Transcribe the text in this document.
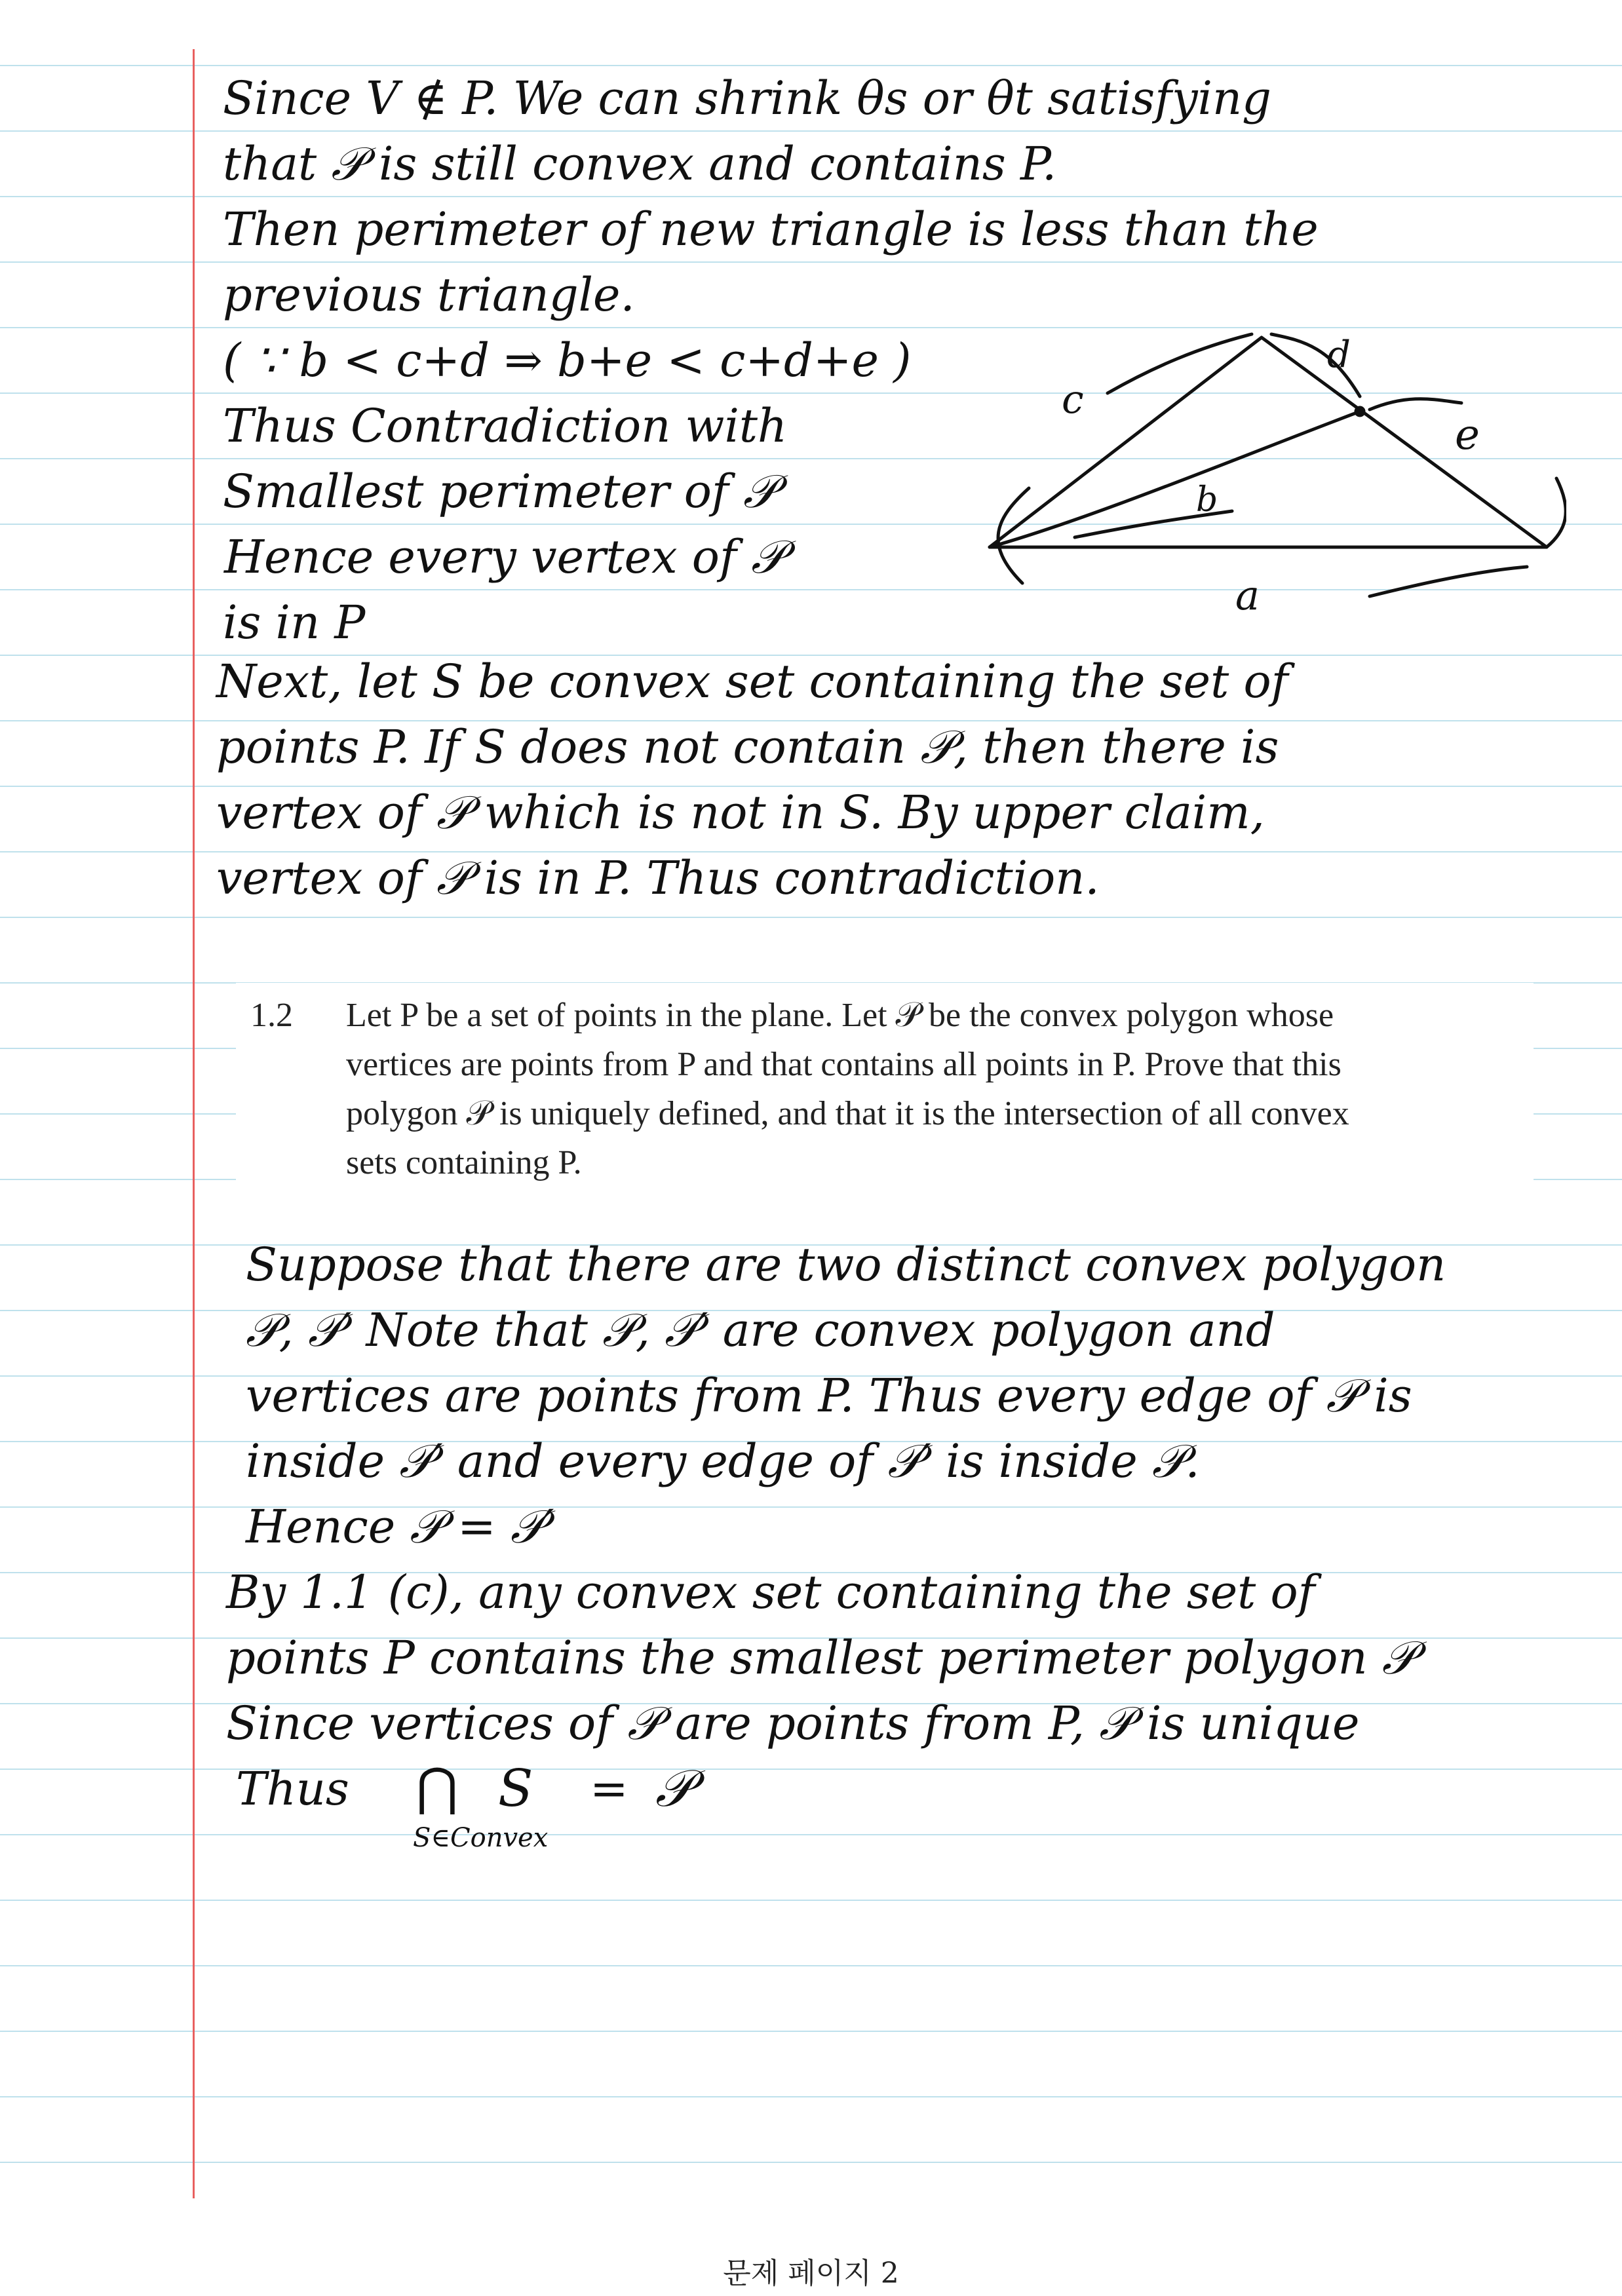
Since V ∉ P. We can shrink θs or θt satisfying
that 𝒫 is still convex and contains P.
Then perimeter of new triangle is less than the
previous triangle.
( ∵ b < c+d ⇒ b+e < c+d+e )
Thus Contradiction with
Smallest perimeter of 𝒫
Hence every vertex of 𝒫
is in P
c
d
e
b
a
Next, let S be convex set containing the set of
points P. If S does not contain 𝒫, then there is
vertex of 𝒫 which is not in S. By upper claim,
vertex of 𝒫 is in P. Thus contradiction.
1.2 Let P be a set of points in the plane. Let 𝒫 be the convex polygon whose
vertices are points from P and that contains all points in P. Prove that this
polygon 𝒫 is uniquely defined, and that it is the intersection of all convex
sets containing P.
Suppose that there are two distinct convex polygon
𝒫, 𝒫′ Note that 𝒫, 𝒫′ are convex polygon and
vertices are points from P. Thus every edge of 𝒫 is
inside 𝒫′ and every edge of 𝒫′ is inside 𝒫.
Hence 𝒫 = 𝒫′
By 1.1 (c), any convex set containing the set of
points P contains the smallest perimeter polygon 𝒫
Since vertices of 𝒫 are points from P, 𝒫 is unique
Thus ⋂ S = 𝒫
S∈Convex
문제 페이지 2
